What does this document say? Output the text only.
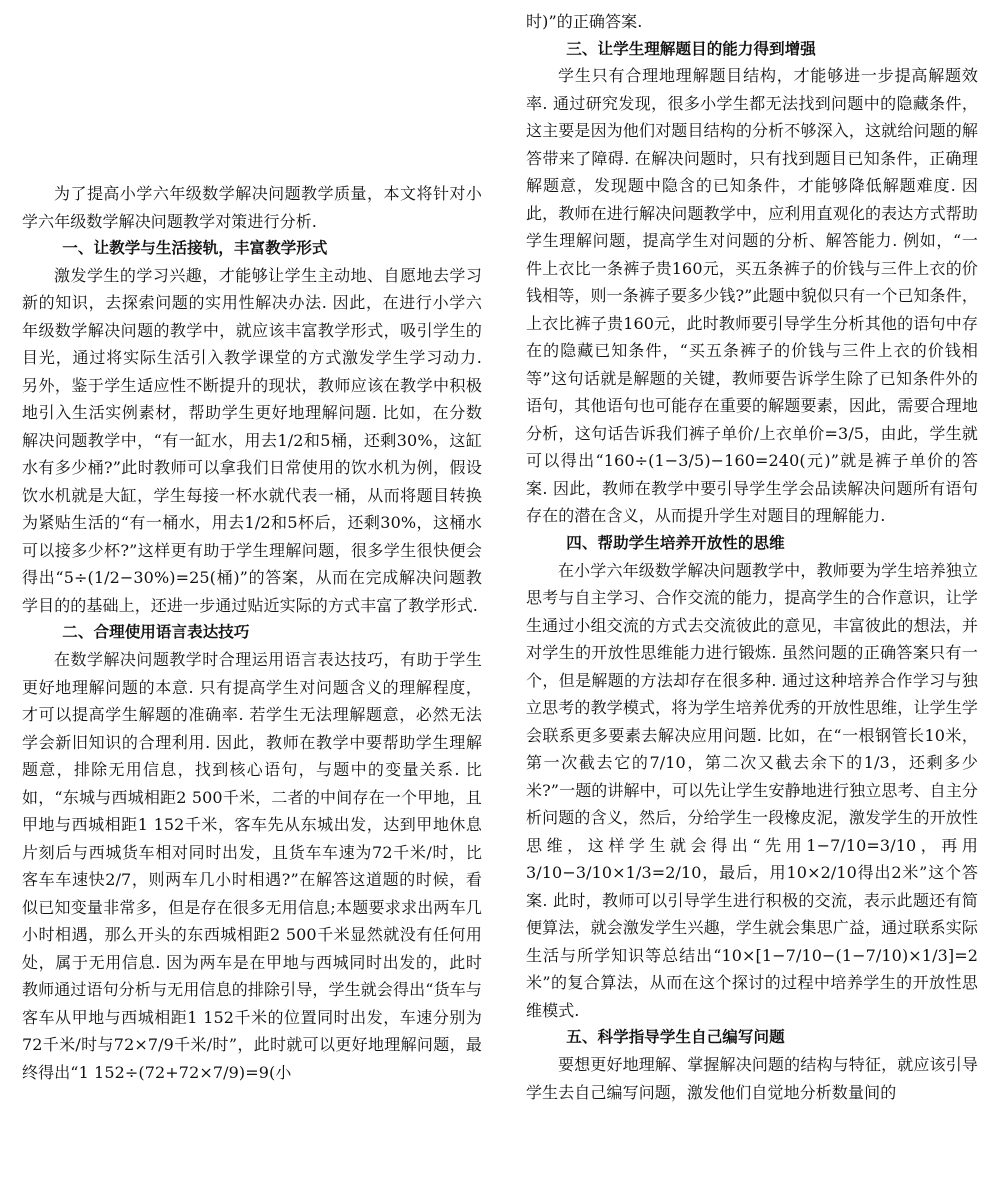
为了提高小学六年级数学解决问题教学质量，本文将针对小学六年级数学解决问题教学对策进行分析.

一、让教学与生活接轨，丰富教学形式

激发学生的学习兴趣，才能够让学生主动地、自愿地去学习新的知识，去探索问题的实用性解决办法. 因此，在进行小学六年级数学解决问题的教学中，就应该丰富教学形式，吸引学生的目光，通过将实际生活引入教学课堂的方式激发学生学习动力. 另外，鉴于学生适应性不断提升的现状，教师应该在教学中积极地引入生活实例素材，帮助学生更好地理解问题. 比如，在分数解决问题教学中，“有一缸水，用去1/2和5桶，还剩30%，这缸水有多少桶?”此时教师可以拿我们日常使用的饮水机为例，假设饮水机就是大缸，学生每接一杯水就代表一桶，从而将题目转换为紧贴生活的“有一桶水，用去1/2和5杯后，还剩30%，这桶水可以接多少杯?”这样更有助于学生理解问题，很多学生很快便会得出“5÷(1/2−30%)=25(桶)”的答案，从而在完成解决问题教学目的的基础上，还进一步通过贴近实际的方式丰富了教学形式.

二、合理使用语言表达技巧

在数学解决问题教学时合理运用语言表达技巧，有助于学生更好地理解问题的本意. 只有提高学生对问题含义的理解程度，才可以提高学生解题的准确率. 若学生无法理解题意，必然无法学会新旧知识的合理利用. 因此，教师在教学中要帮助学生理解题意，排除无用信息，找到核心语句，与题中的变量关系. 比如，“东城与西城相距2 500千米，二者的中间存在一个甲地，且甲地与西城相距1 152千米，客车先从东城出发，达到甲地休息片刻后与西城货车相对同时出发，且货车车速为72千米/时，比客车车速快2/7，则两车几小时相遇?”在解答这道题的时候，看似已知变量非常多，但是存在很多无用信息;本题要求求出两车几小时相遇，那么开头的东西城相距2 500千米显然就没有任何用处，属于无用信息. 因为两车是在甲地与西城同时出发的，此时教师通过语句分析与无用信息的排除引导，学生就会得出“货车与客车从甲地与西城相距1 152千米的位置同时出发，车速分别为72千米/时与72×7/9千米/时”，此时就可以更好地理解问题，最终得出“1 152÷(72+72×7/9)=9(小

时)”的正确答案.

三、让学生理解题目的能力得到增强

学生只有合理地理解题目结构，才能够进一步提高解题效率. 通过研究发现，很多小学生都无法找到问题中的隐藏条件，这主要是因为他们对题目结构的分析不够深入，这就给问题的解答带来了障碍. 在解决问题时，只有找到题目已知条件，正确理解题意，发现题中隐含的已知条件，才能够降低解题难度. 因此，教师在进行解决问题教学中，应利用直观化的表达方式帮助学生理解问题，提高学生对问题的分析、解答能力. 例如，“一件上衣比一条裤子贵160元，买五条裤子的价钱与三件上衣的价钱相等，则一条裤子要多少钱?”此题中貌似只有一个已知条件，上衣比裤子贵160元，此时教师要引导学生分析其他的语句中存在的隐藏已知条件，“买五条裤子的价钱与三件上衣的价钱相等”这句话就是解题的关键，教师要告诉学生除了已知条件外的语句，其他语句也可能存在重要的解题要素，因此，需要合理地分析，这句话告诉我们裤子单价/上衣单价=3/5，由此，学生就可以得出“160÷(1−3/5)−160=240(元)”就是裤子单价的答案. 因此，教师在教学中要引导学生学会品读解决问题所有语句存在的潜在含义，从而提升学生对题目的理解能力.

四、帮助学生培养开放性的思维

在小学六年级数学解决问题教学中，教师要为学生培养独立思考与自主学习、合作交流的能力，提高学生的合作意识，让学生通过小组交流的方式去交流彼此的意见，丰富彼此的想法，并对学生的开放性思维能力进行锻炼. 虽然问题的正确答案只有一个，但是解题的方法却存在很多种. 通过这种培养合作学习与独立思考的教学模式，将为学生培养优秀的开放性思维，让学生学会联系更多要素去解决应用问题. 比如，在“一根钢管长10米，第一次截去它的7/10，第二次又截去余下的1/3，还剩多少米?”一题的讲解中，可以先让学生安静地进行独立思考、自主分析问题的含义，然后，分给学生一段橡皮泥，激发学生的开放性思维，这样学生就会得出“先用1−7/10=3/10，再用3/10−3/10×1/3=2/10，最后，用10×2/10得出2米”这个答案. 此时，教师可以引导学生进行积极的交流，表示此题还有简便算法，就会激发学生兴趣，学生就会集思广益，通过联系实际生活与所学知识等总结出“10×[1−7/10−(1−7/10)×1/3]=2米”的复合算法，从而在这个探讨的过程中培养学生的开放性思维模式.

五、科学指导学生自己编写问题

要想更好地理解、掌握解决问题的结构与特征，就应该引导学生去自己编写问题，激发他们自觉地分析数量间的
